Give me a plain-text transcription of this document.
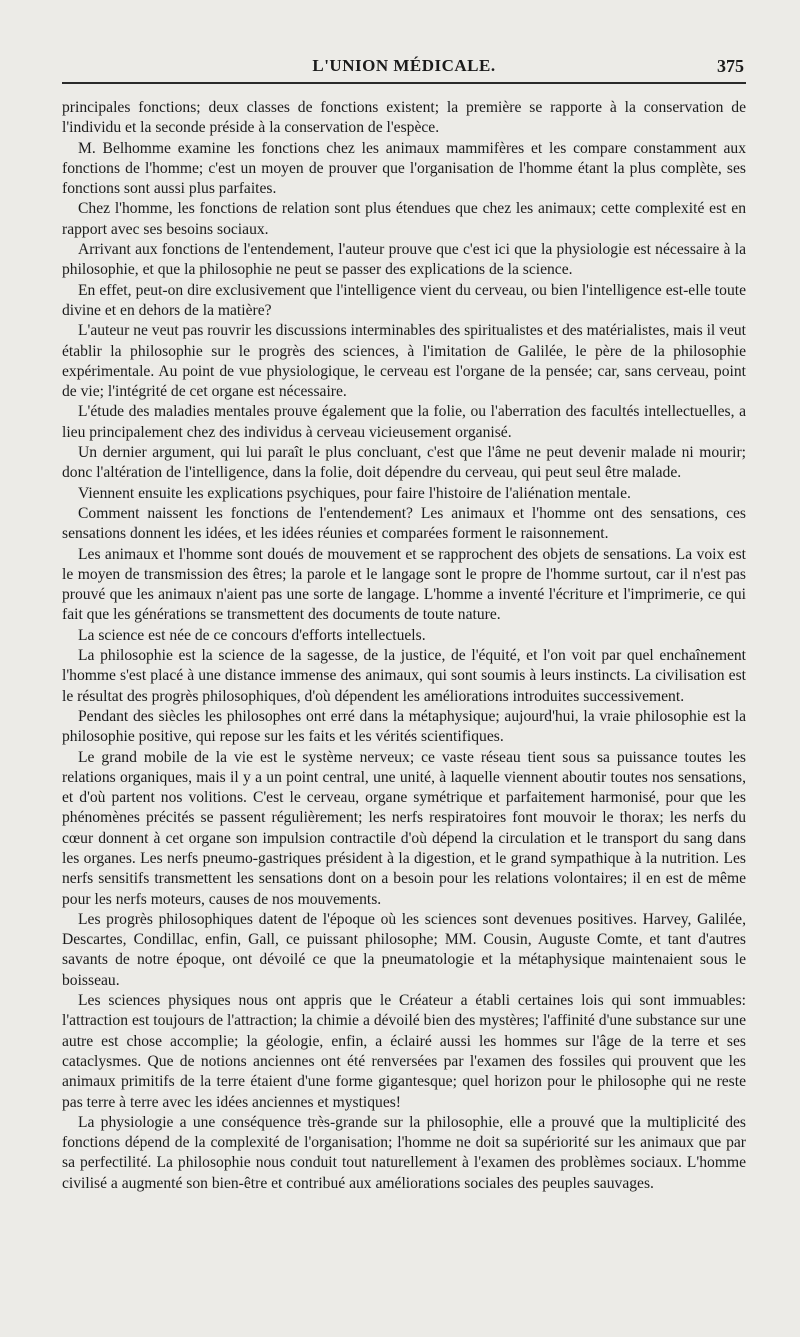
L'UNION MÉDICALE.	375

principales fonctions; deux classes de fonctions existent; la première se rapporte à la conservation de l'individu et la seconde préside à la conservation de l'espèce.

M. Belhomme examine les fonctions chez les animaux mammifères et les compare constamment aux fonctions de l'homme; c'est un moyen de prouver que l'organisation de l'homme étant la plus complète, ses fonctions sont aussi plus parfaites.

Chez l'homme, les fonctions de relation sont plus étendues que chez les animaux; cette complexité est en rapport avec ses besoins sociaux.

Arrivant aux fonctions de l'entendement, l'auteur prouve que c'est ici que la physiologie est nécessaire à la philosophie, et que la philosophie ne peut se passer des explications de la science.

En effet, peut-on dire exclusivement que l'intelligence vient du cerveau, ou bien l'intelligence est-elle toute divine et en dehors de la matière?

L'auteur ne veut pas rouvrir les discussions interminables des spiritualistes et des matérialistes, mais il veut établir la philosophie sur le progrès des sciences, à l'imitation de Galilée, le père de la philosophie expérimentale. Au point de vue physiologique, le cerveau est l'organe de la pensée; car, sans cerveau, point de vie; l'intégrité de cet organe est nécessaire.

L'étude des maladies mentales prouve également que la folie, ou l'aberration des facultés intellectuelles, a lieu principalement chez des individus à cerveau vicieusement organisé.

Un dernier argument, qui lui paraît le plus concluant, c'est que l'âme ne peut devenir malade ni mourir; donc l'altération de l'intelligence, dans la folie, doit dépendre du cerveau, qui peut seul être malade.

Viennent ensuite les explications psychiques, pour faire l'histoire de l'aliénation mentale.

Comment naissent les fonctions de l'entendement? Les animaux et l'homme ont des sensations, ces sensations donnent les idées, et les idées réunies et comparées forment le raisonnement.

Les animaux et l'homme sont doués de mouvement et se rapprochent des objets de sensations. La voix est le moyen de transmission des êtres; la parole et le langage sont le propre de l'homme surtout, car il n'est pas prouvé que les animaux n'aient pas une sorte de langage. L'homme a inventé l'écriture et l'imprimerie, ce qui fait que les générations se transmettent des documents de toute nature.

La science est née de ce concours d'efforts intellectuels.

La philosophie est la science de la sagesse, de la justice, de l'équité, et l'on voit par quel enchaînement l'homme s'est placé à une distance immense des animaux, qui sont soumis à leurs instincts. La civilisation est le résultat des progrès philosophiques, d'où dépendent les améliorations introduites successivement.

Pendant des siècles les philosophes ont erré dans la métaphysique; aujourd'hui, la vraie philosophie est la philosophie positive, qui repose sur les faits et les vérités scientifiques.

Le grand mobile de la vie est le système nerveux; ce vaste réseau tient sous sa puissance toutes les relations organiques, mais il y a un point central, une unité, à laquelle viennent aboutir toutes nos sensations, et d'où partent nos volitions. C'est le cerveau, organe symétrique et parfaitement harmonisé, pour que les phénomènes précités se passent régulièrement; les nerfs respiratoires font mouvoir le thorax; les nerfs du cœur donnent à cet organe son impulsion contractile d'où dépend la circulation et le transport du sang dans les organes. Les nerfs pneumo-gastriques président à la digestion, et le grand sympathique à la nutrition. Les nerfs sensitifs transmettent les sensations dont on a besoin pour les relations volontaires; il en est de même pour les nerfs moteurs, causes de nos mouvements.

Les progrès philosophiques datent de l'époque où les sciences sont devenues positives. Harvey, Galilée, Descartes, Condillac, enfin, Gall, ce puissant philosophe; MM. Cousin, Auguste Comte, et tant d'autres savants de notre époque, ont dévoilé ce que la pneumatologie et la métaphysique maintenaient sous le boisseau.

Les sciences physiques nous ont appris que le Créateur a établi certaines lois qui sont immuables: l'attraction est toujours de l'attraction; la chimie a dévoilé bien des mystères; l'affinité d'une substance sur une autre est chose accomplie; la géologie, enfin, a éclairé aussi les hommes sur l'âge de la terre et ses cataclysmes. Que de notions anciennes ont été renversées par l'examen des fossiles qui prouvent que les animaux primitifs de la terre étaient d'une forme gigantesque; quel horizon pour le philosophe qui ne reste pas terre à terre avec les idées anciennes et mystiques!

La physiologie a une conséquence très-grande sur la philosophie, elle a prouvé que la multiplicité des fonctions dépend de la complexité de l'organisation; l'homme ne doit sa supériorité sur les animaux que par sa perfectilité. La philosophie nous conduit tout naturellement à l'examen des problèmes sociaux. L'homme civilisé a augmenté son bien-être et contribué aux améliorations sociales des peuples sauvages.
